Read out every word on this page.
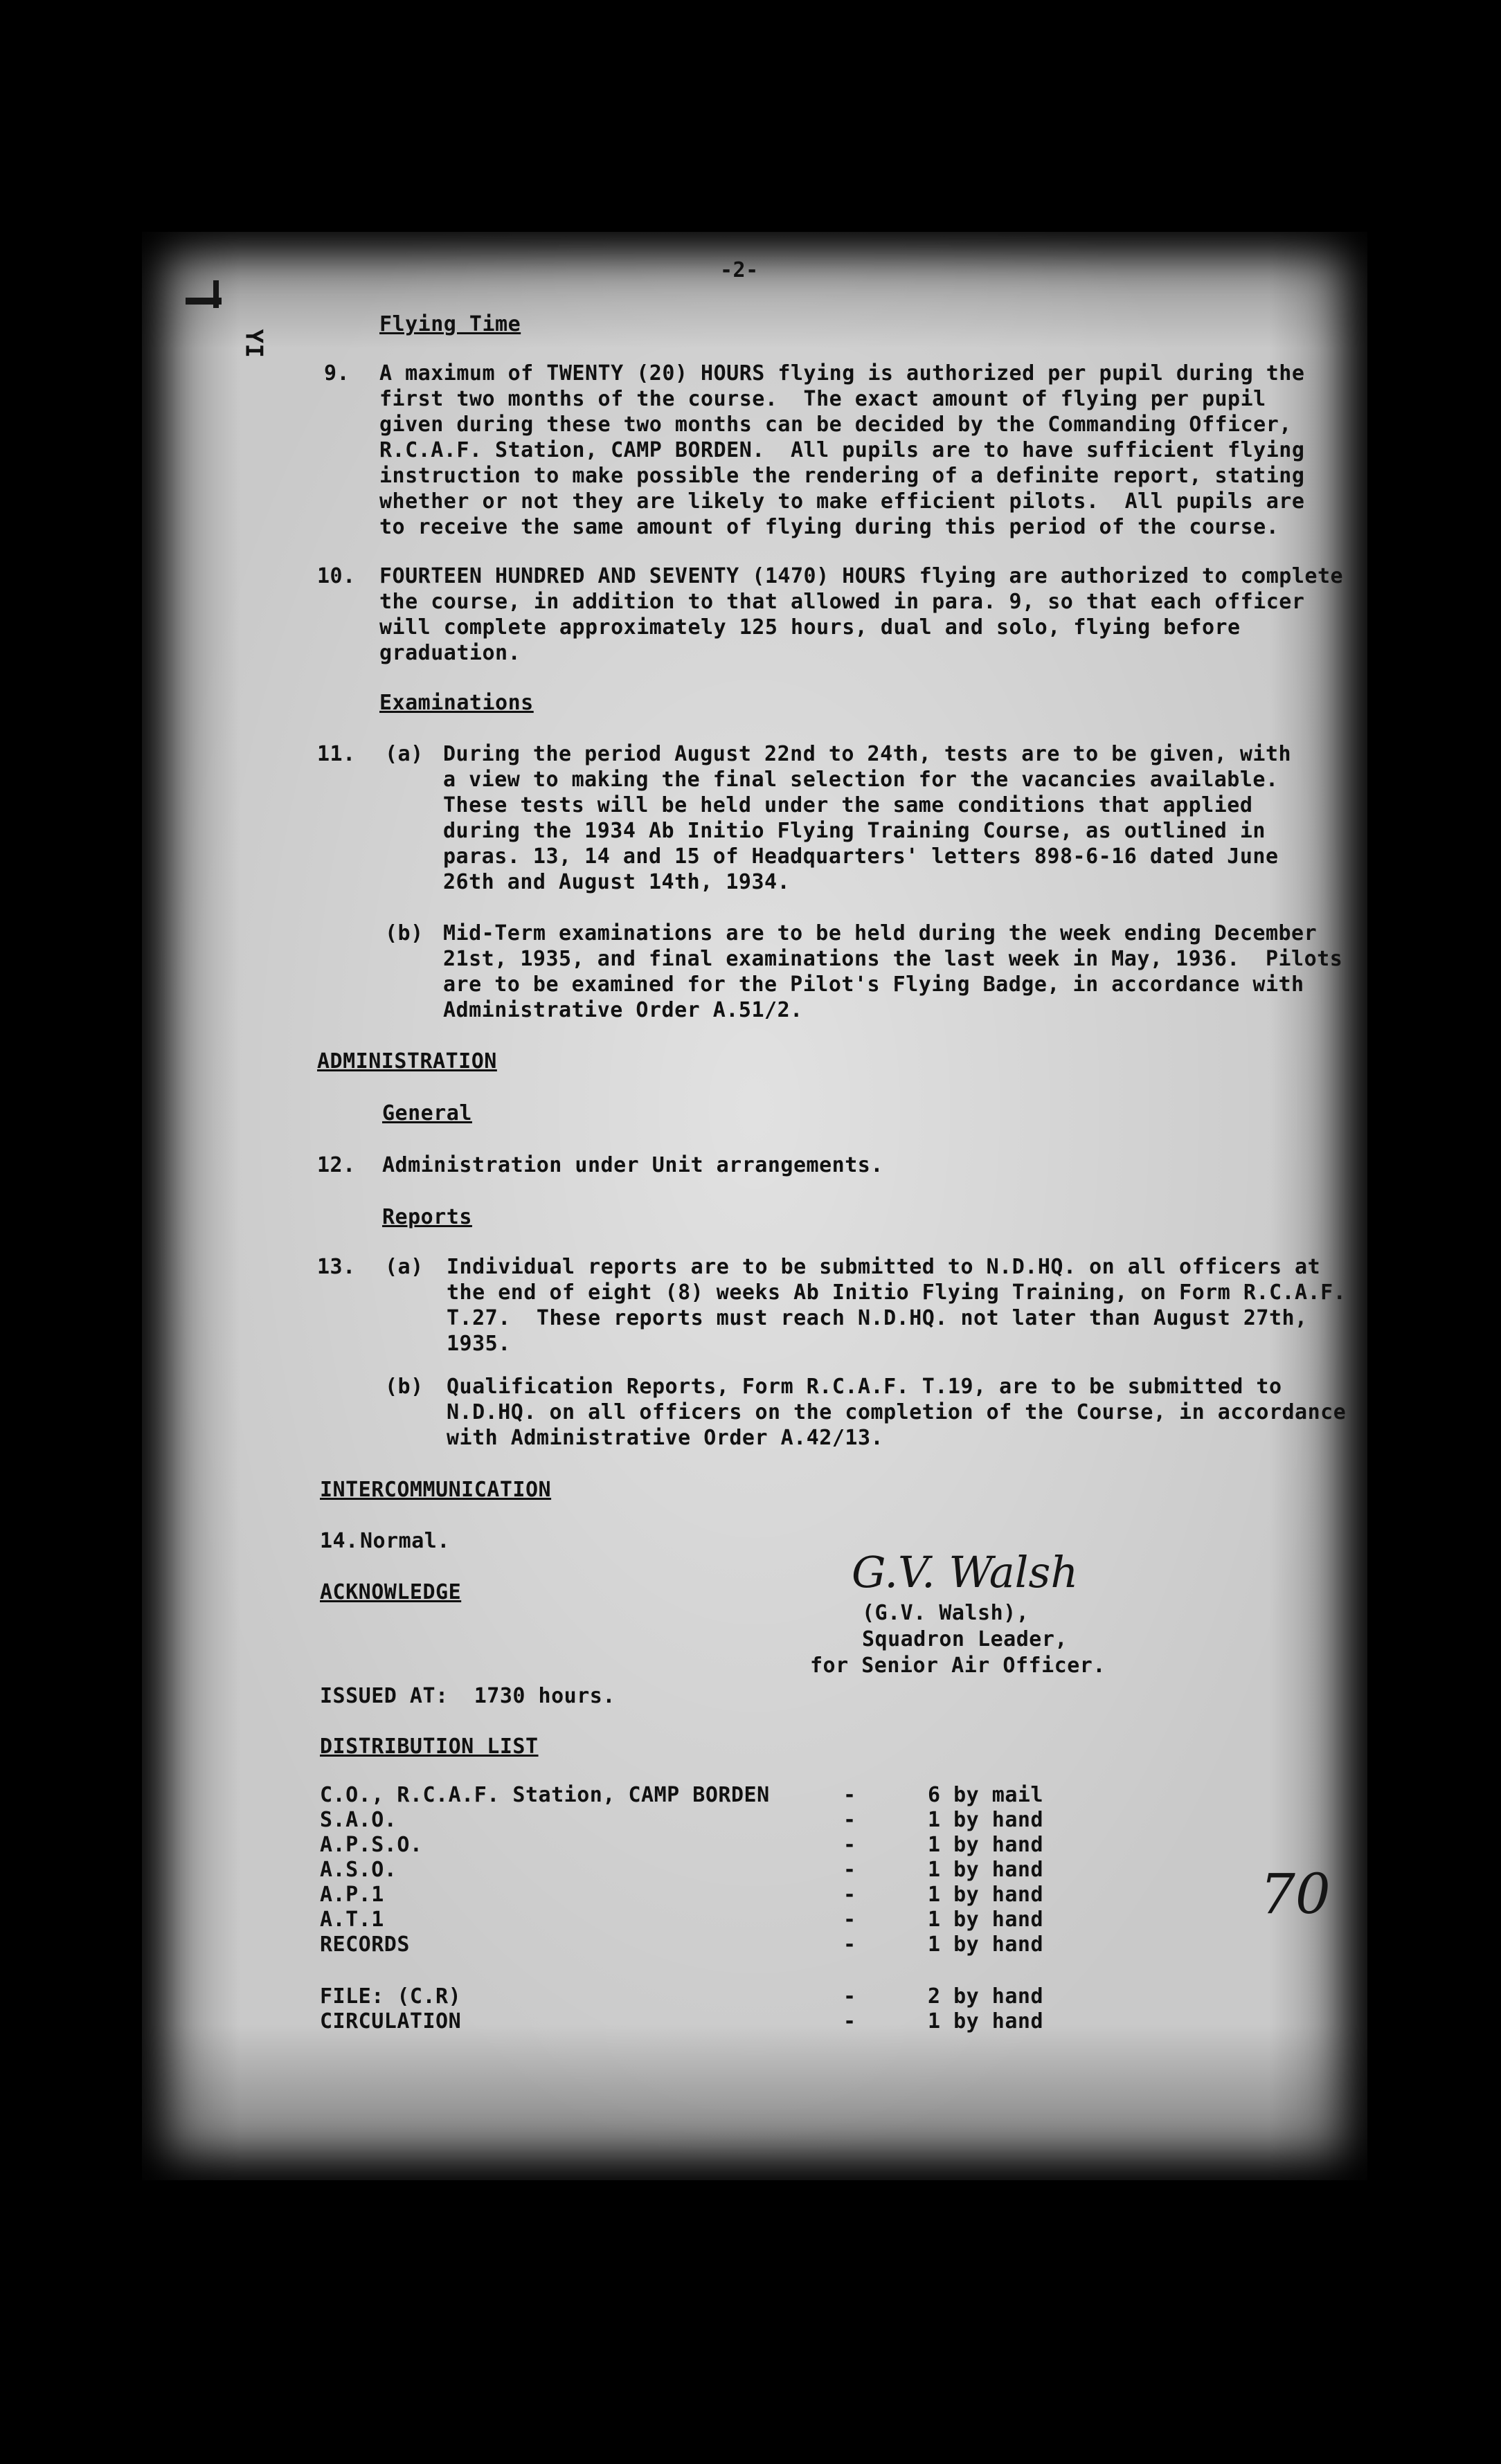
YI
-2-
Flying Time
9. A maximum of TWENTY (20) HOURS flying is authorized per pupil during the
first two months of the course.  The exact amount of flying per pupil
given during these two months can be decided by the Commanding Officer,
R.C.A.F. Station, CAMP BORDEN.  All pupils are to have sufficient flying
instruction to make possible the rendering of a definite report, stating
whether or not they are likely to make efficient pilots.  All pupils are
to receive the same amount of flying during this period of the course.
10. FOURTEEN HUNDRED AND SEVENTY (1470) HOURS flying are authorized to complete
the course, in addition to that allowed in para. 9, so that each officer
will complete approximately 125 hours, dual and solo, flying before
graduation.
Examinations
11. (a) During the period August 22nd to 24th, tests are to be given, with
a view to making the final selection for the vacancies available.
These tests will be held under the same conditions that applied
during the 1934 Ab Initio Flying Training Course, as outlined in
paras. 13, 14 and 15 of Headquarters' letters 898-6-16 dated June
26th and August 14th, 1934.
(b) Mid-Term examinations are to be held during the week ending December
21st, 1935, and final examinations the last week in May, 1936.  Pilots
are to be examined for the Pilot's Flying Badge, in accordance with
Administrative Order A.51/2.
ADMINISTRATION
General
12. Administration under Unit arrangements.
Reports
13. (a) Individual reports are to be submitted to N.D.HQ. on all officers at
the end of eight (8) weeks Ab Initio Flying Training, on Form R.C.A.F.
T.27.  These reports must reach N.D.HQ. not later than August 27th,
1935.
(b) Qualification Reports, Form R.C.A.F. T.19, are to be submitted to
N.D.HQ. on all officers on the completion of the Course, in accordance
with Administrative Order A.42/13.
INTERCOMMUNICATION
14. Normal.
ACKNOWLEDGE	G.V. Walsh
(G.V. Walsh),
Squadron Leader,
for Senior Air Officer.
ISSUED AT:  1730 hours.
DISTRIBUTION LIST
C.O., R.C.A.F. Station, CAMP BORDEN	-	6 by mail
S.A.O.	-	1 by hand
A.P.S.O.	-	1 by hand
A.S.O.	-	1 by hand
A.P.1	-	1 by hand
A.T.1	-	1 by hand
RECORDS	-	1 by hand
FILE: (C.R)	-	2 by hand
CIRCULATION	-	1 by hand
70
